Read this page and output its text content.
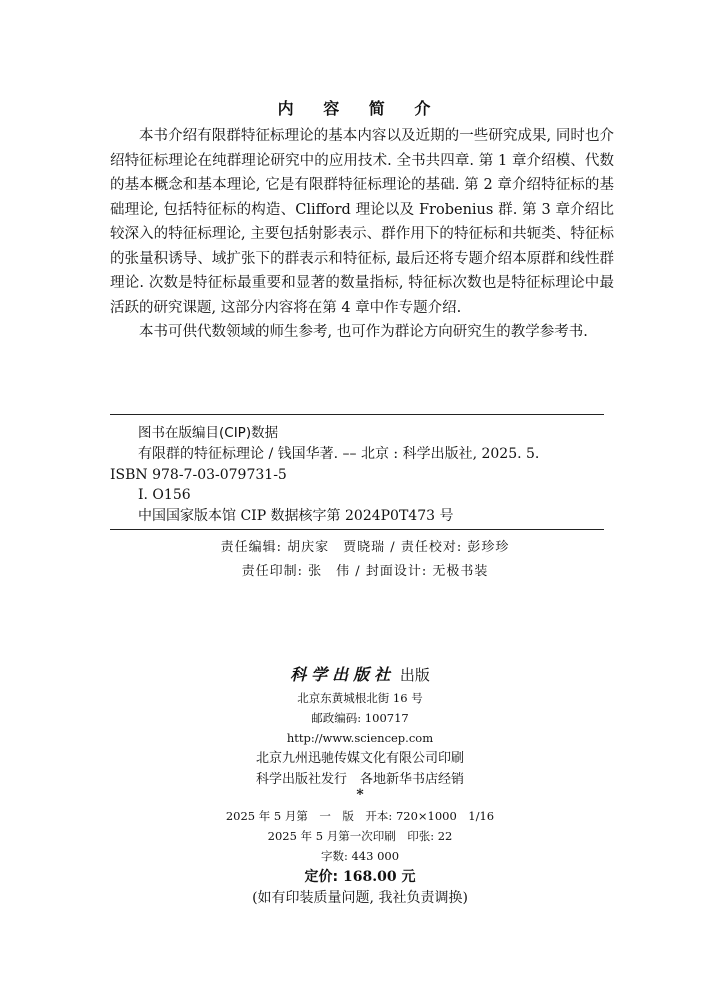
内 容 简 介

本书介绍有限群特征标理论的基本内容以及近期的一些研究成果, 同时也介绍特征标理论在纯群理论研究中的应用技术. 全书共四章. 第 1 章介绍模、代数的基本概念和基本理论, 它是有限群特征标理论的基础. 第 2 章介绍特征标的基础理论, 包括特征标的构造、Clifford 理论以及 Frobenius 群. 第 3 章介绍比较深入的特征标理论, 主要包括射影表示、群作用下的特征标和共轭类、特征标的张量积诱导、域扩张下的群表示和特征标, 最后还将专题介绍本原群和线性群理论. 次数是特征标最重要和显著的数量指标, 特征标次数也是特征标理论中最活跃的研究课题, 这部分内容将在第 4 章中作专题介绍.

本书可供代数领域的师生参考, 也可作为群论方向研究生的教学参考书.

图书在版编目(CIP)数据
有限群的特征标理论 / 钱国华著. –– 北京 : 科学出版社, 2025. 5.
ISBN 978-7-03-079731-5
I. O156
中国国家版本馆 CIP 数据核字第 2024P0T473 号
责任编辑: 胡庆家　贾晓瑞 / 责任校对: 彭珍珍
责任印制: 张　伟 / 封面设计: 无极书装
科学出版社 出版
北京东黄城根北街 16 号
邮政编码: 100717
http://www.sciencep.com
北京九州迅驰传媒文化有限公司印刷
科学出版社发行　各地新华书店经销
*
2025 年 5 月第　一　版　开本: 720×1000　1/16
2025 年 5 月第一次印刷　印张: 22
字数: 443 000
定价: 168.00 元
(如有印装质量问题, 我社负责调换)
